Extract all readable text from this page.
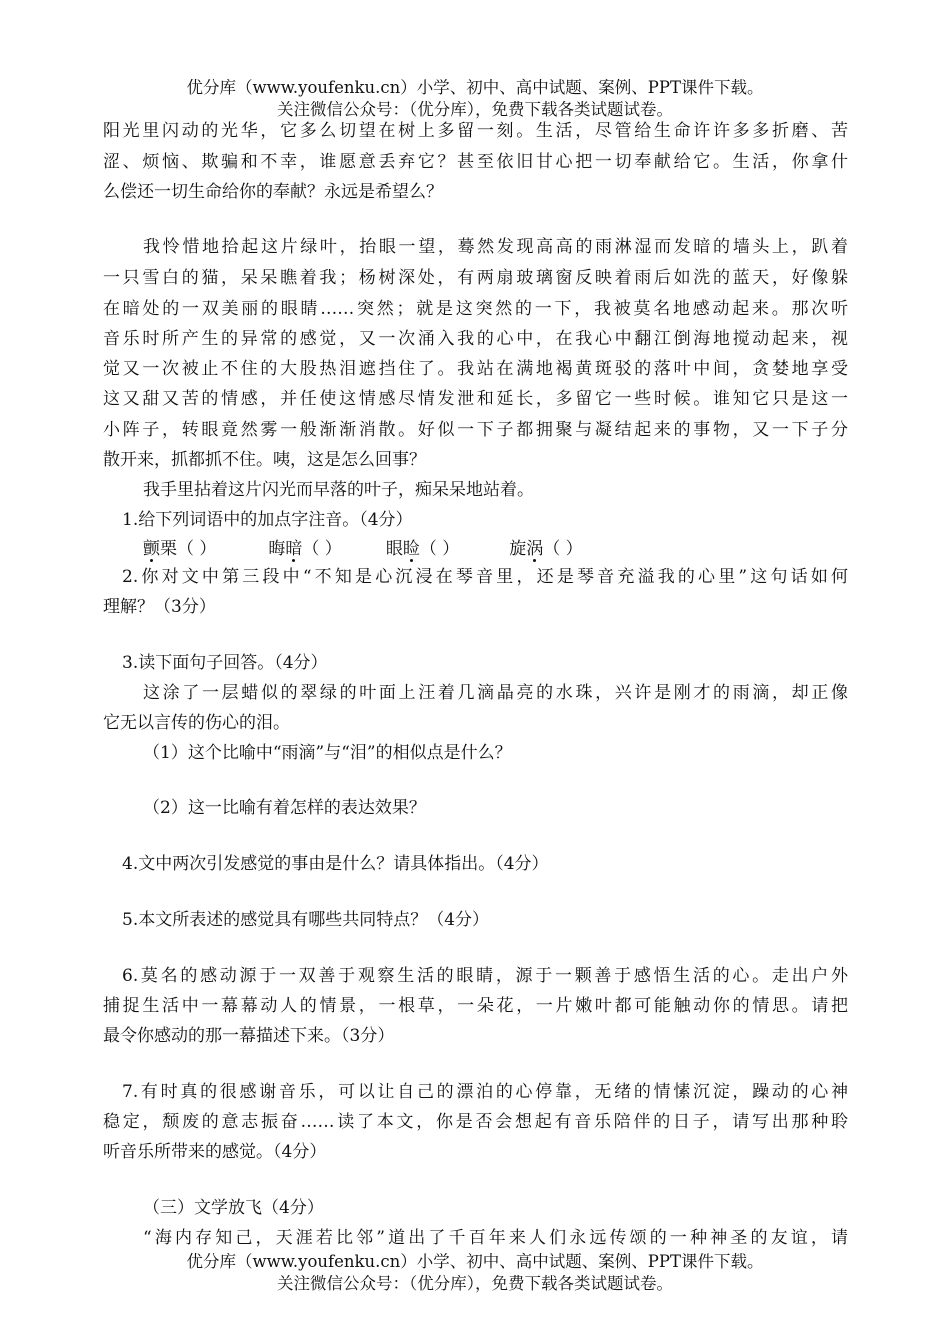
优分库（www.youfenku.cn）小学、初中、高中试题、案例、PPT课件下载。
关注微信公众号：（优分库），免费下载各类试题试卷。
阳光里闪动的光华，它多么切望在树上多留一刻。生活，尽管给生命许许多多折磨、苦
涩、烦恼、欺骗和不幸，谁愿意丢弃它？甚至依旧甘心把一切奉献给它。生活，你拿什
么偿还一切生命给你的奉献？永远是希望么？
我怜惜地拾起这片绿叶，抬眼一望，蓦然发现高高的雨淋湿而发暗的墙头上，趴着
一只雪白的猫，呆呆瞧着我；杨树深处，有两扇玻璃窗反映着雨后如洗的蓝天，好像躲
在暗处的一双美丽的眼睛……突然；就是这突然的一下，我被莫名地感动起来。那次听
音乐时所产生的异常的感觉，又一次涌入我的心中，在我心中翻江倒海地搅动起来，视
觉又一次被止不住的大股热泪遮挡住了。我站在满地褐黄斑驳的落叶中间，贪婪地享受
这又甜又苦的情感，并任使这情感尽情发泄和延长，多留它一些时候。谁知它只是这一
小阵子，转眼竟然雾一般渐渐消散。好似一下子都拥聚与凝结起来的事物，又一下子分
散开来，抓都抓不住。咦，这是怎么回事？
我手里拈着这片闪光而早落的叶子，痴呆呆地站着。
1.给下列词语中的加点字注音。（4分）
颤栗（ ）	晦暗（ ）	眼睑（ ）	旋涡（ ）
2.你对文中第三段中“不知是心沉浸在琴音里，还是琴音充溢我的心里”这句话如何
理解？（3分）
3.读下面句子回答。（4分）
这涂了一层蜡似的翠绿的叶面上汪着几滴晶亮的水珠，兴许是刚才的雨滴，却正像
它无以言传的伤心的泪。
（1）这个比喻中“雨滴”与“泪”的相似点是什么？
（2）这一比喻有着怎样的表达效果？
4.文中两次引发感觉的事由是什么？请具体指出。（4分）
5.本文所表述的感觉具有哪些共同特点？（4分）
6.莫名的感动源于一双善于观察生活的眼睛，源于一颗善于感悟生活的心。走出户外
捕捉生活中一幕幕动人的情景，一根草，一朵花，一片嫩叶都可能触动你的情思。请把
最令你感动的那一幕描述下来。（3分）
7.有时真的很感谢音乐，可以让自己的漂泊的心停靠，无绪的情愫沉淀，躁动的心神
稳定，颓废的意志振奋……读了本文，你是否会想起有音乐陪伴的日子，请写出那种聆
听音乐所带来的感觉。（4分）
（三）文学放飞（4分）
“海内存知己，天涯若比邻”道出了千百年来人们永远传颂的一种神圣的友谊，请
优分库（www.youfenku.cn）小学、初中、高中试题、案例、PPT课件下载。
关注微信公众号：（优分库），免费下载各类试题试卷。
